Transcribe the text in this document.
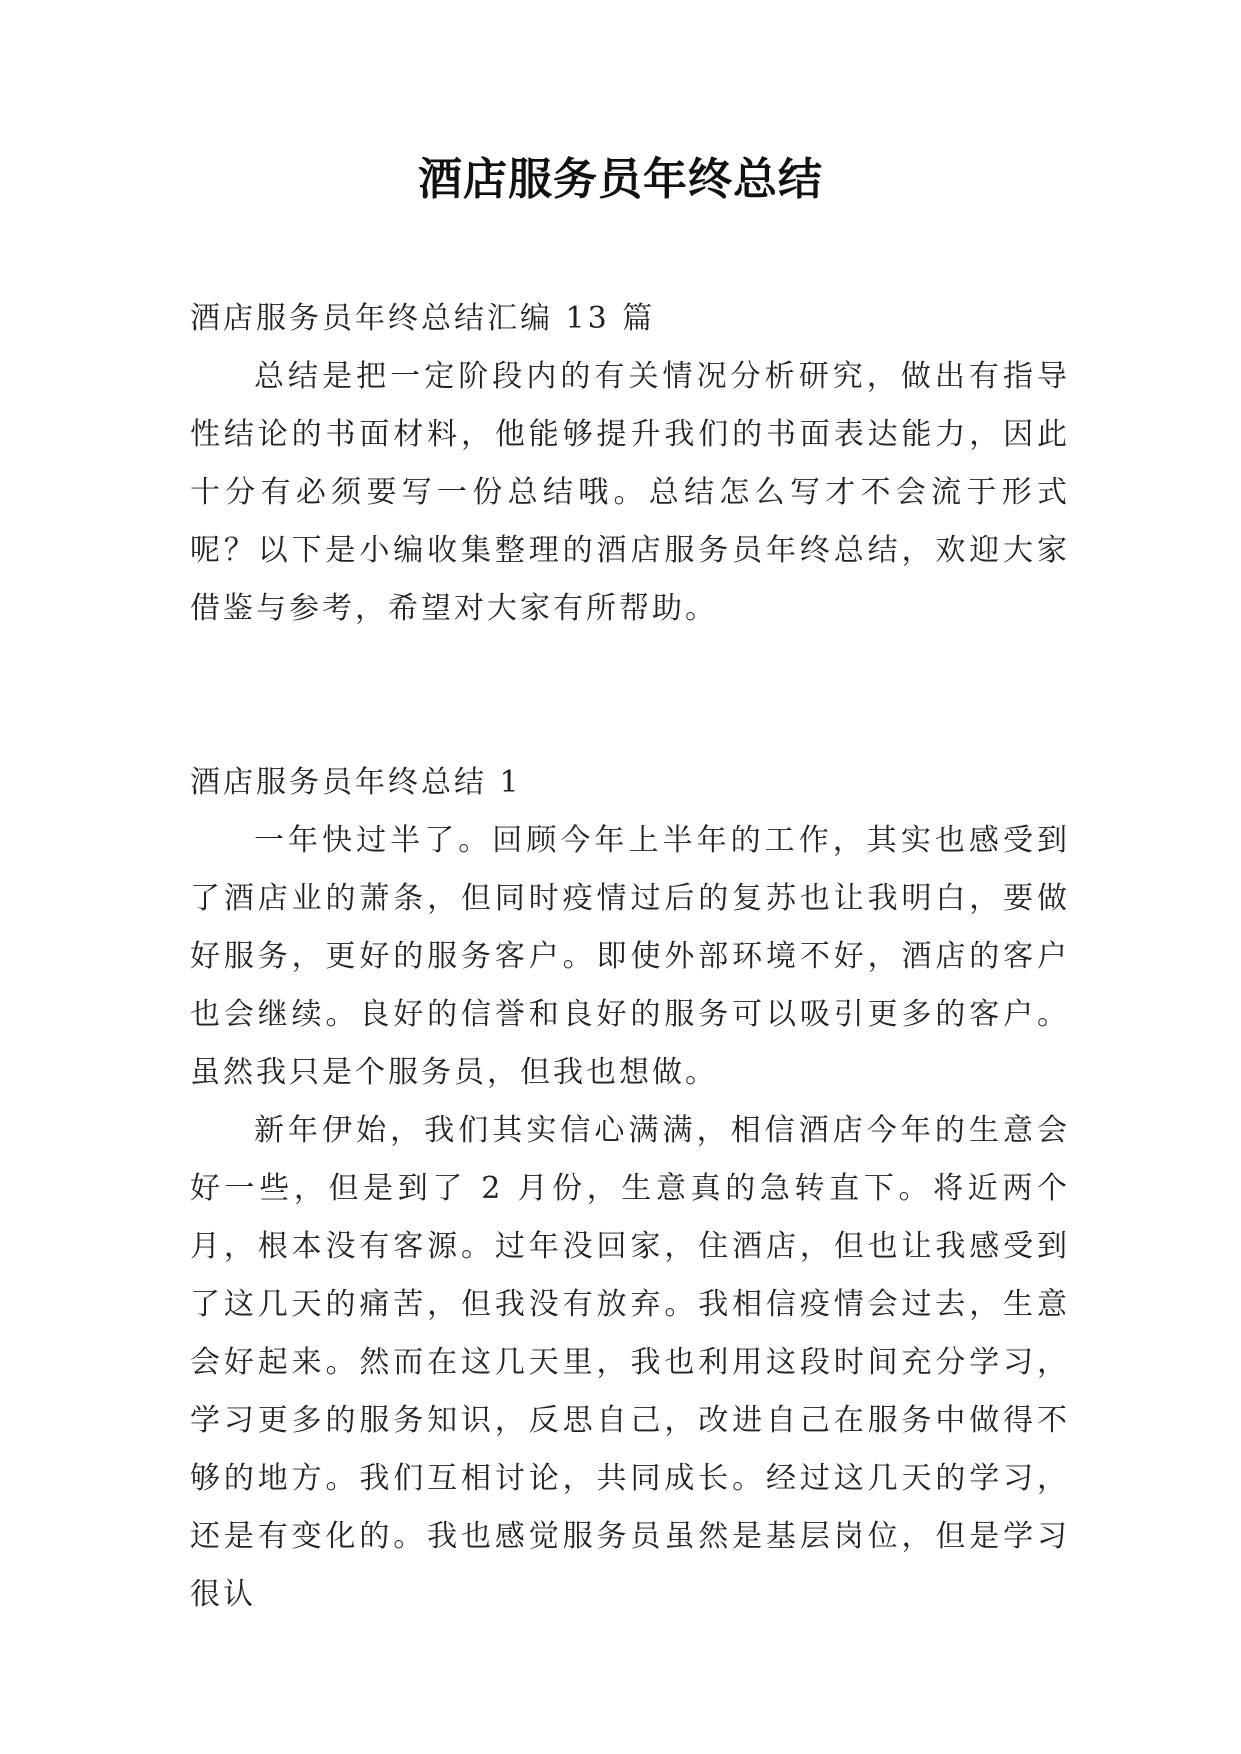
酒店服务员年终总结

酒店服务员年终总结汇编 13 篇

总结是把一定阶段内的有关情况分析研究，做出有指导性结论的书面材料，他能够提升我们的书面表达能力，因此十分有必须要写一份总结哦。总结怎么写才不会流于形式呢？以下是小编收集整理的酒店服务员年终总结，欢迎大家借鉴与参考，希望对大家有所帮助。

酒店服务员年终总结 1

一年快过半了。回顾今年上半年的工作，其实也感受到了酒店业的萧条，但同时疫情过后的复苏也让我明白，要做好服务，更好的服务客户。即使外部环境不好，酒店的客户也会继续。良好的信誉和良好的服务可以吸引更多的客户。虽然我只是个服务员，但我也想做。

新年伊始，我们其实信心满满，相信酒店今年的生意会好一些，但是到了 2 月份，生意真的急转直下。将近两个月，根本没有客源。过年没回家，住酒店，但也让我感受到了这几天的痛苦，但我没有放弃。我相信疫情会过去，生意会好起来。然而在这几天里，我也利用这段时间充分学习，学习更多的服务知识，反思自己，改进自己在服务中做得不够的地方。我们互相讨论，共同成长。经过这几天的学习，还是有变化的。我也感觉服务员虽然是基层岗位，但是学习很认
